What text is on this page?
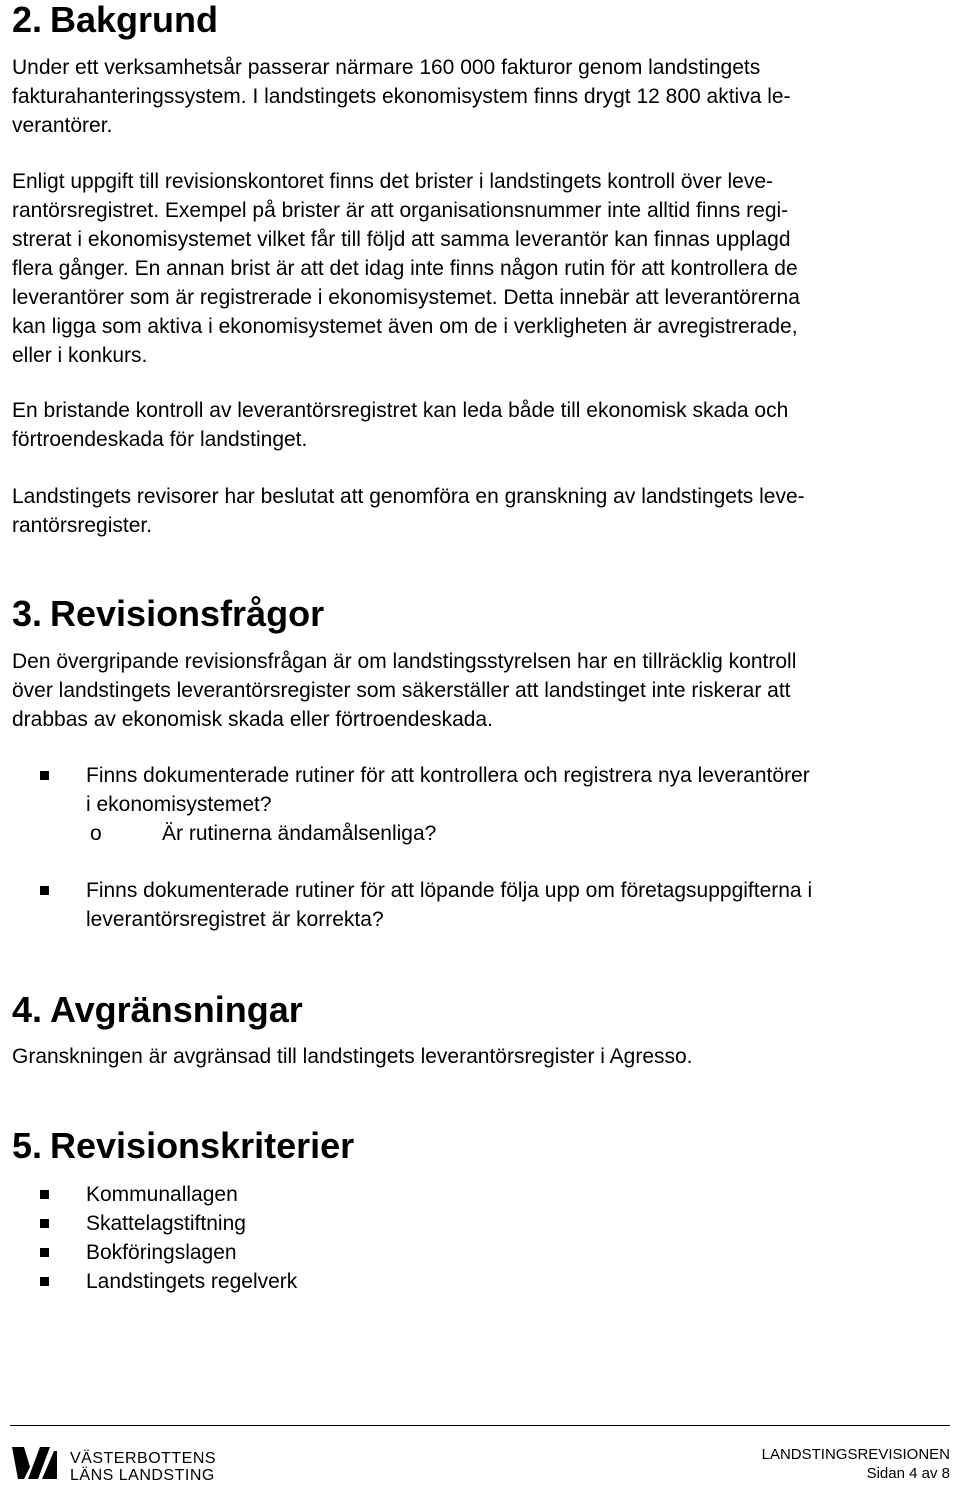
2. Bakgrund

Under ett verksamhetsår passerar närmare 160 000 fakturor genom landstingets
fakturahanteringssystem. I landstingets ekonomisystem finns drygt 12 800 aktiva le-
verantörer.

Enligt uppgift till revisionskontoret finns det brister i landstingets kontroll över leve-
rantörsregistret. Exempel på brister är att organisationsnummer inte alltid finns regi-
strerat i ekonomisystemet vilket får till följd att samma leverantör kan finnas upplagd
flera gånger. En annan brist är att det idag inte finns någon rutin för att kontrollera de
leverantörer som är registrerade i ekonomisystemet. Detta innebär att leverantörerna
kan ligga som aktiva i ekonomisystemet även om de i verkligheten är avregistrerade,
eller i konkurs.

En bristande kontroll av leverantörsregistret kan leda både till ekonomisk skada och
förtroendeskada för landstinget.

Landstingets revisorer har beslutat att genomföra en granskning av landstingets leve-
rantörsregister.

3. Revisionsfrågor

Den övergripande revisionsfrågan är om landstingsstyrelsen har en tillräcklig kontroll
över landstingets leverantörsregister som säkerställer att landstinget inte riskerar att
drabbas av ekonomisk skada eller förtroendeskada.

Finns dokumenterade rutiner för att kontrollera och registrera nya leverantörer
i ekonomisystemet?
o	Är rutinerna ändamålsenliga?
Finns dokumenterade rutiner för att löpande följa upp om företagsuppgifterna i
leverantörsregistret är korrekta?
4. Avgränsningar

Granskningen är avgränsad till landstingets leverantörsregister i Agresso.

5. Revisionskriterier
Kommunallagen
Skattelagstiftning
Bokföringslagen
Landstingets regelverk
VÄSTERBOTTENS
LÄNS LANDSTING
LANDSTINGSREVISIONEN
Sidan 4 av 8
